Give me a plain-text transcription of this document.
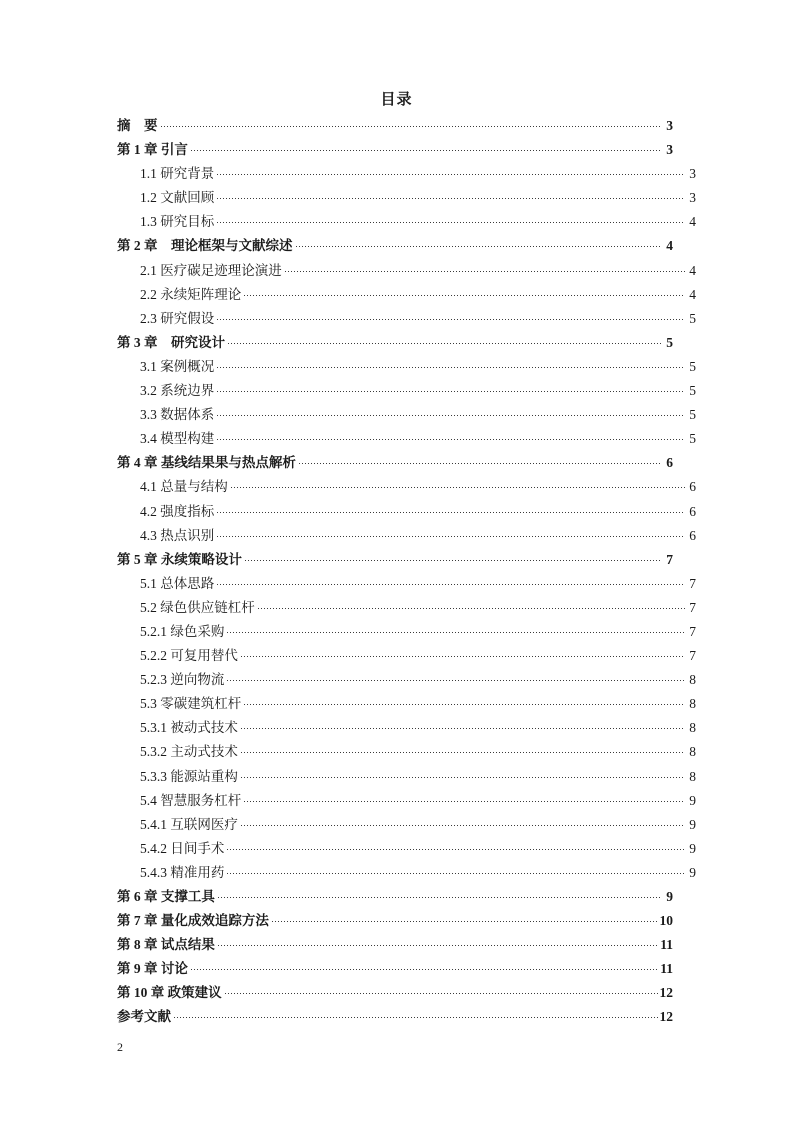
目录
摘　要	3
第 1 章 引言	3
1.1 研究背景	3
1.2 文献回顾	3
1.3 研究目标	4
第 2 章　理论框架与文献综述	4
2.1 医疗碳足迹理论演进	4
2.2 永续矩阵理论	4
2.3 研究假设	5
第 3 章　研究设计	5
3.1 案例概况	5
3.2 系统边界	5
3.3 数据体系	5
3.4 模型构建	5
第 4 章 基线结果果与热点解析	6
4.1 总量与结构	6
4.2 强度指标	6
4.3 热点识别	6
第 5 章 永续策略设计	7
5.1 总体思路	7
5.2 绿色供应链杠杆	7
5.2.1 绿色采购	7
5.2.2 可复用替代	7
5.2.3 逆向物流	8
5.3 零碳建筑杠杆	8
5.3.1 被动式技术	8
5.3.2 主动式技术	8
5.3.3 能源站重构	8
5.4 智慧服务杠杆	9
5.4.1 互联网医疗	9
5.4.2 日间手术	9
5.4.3 精准用药	9
第 6 章 支撑工具	9
第 7 章 量化成效追踪方法	10
第 8 章 试点结果	11
第 9 章 讨论	11
第 10 章 政策建议	12
参考文献	12
2
